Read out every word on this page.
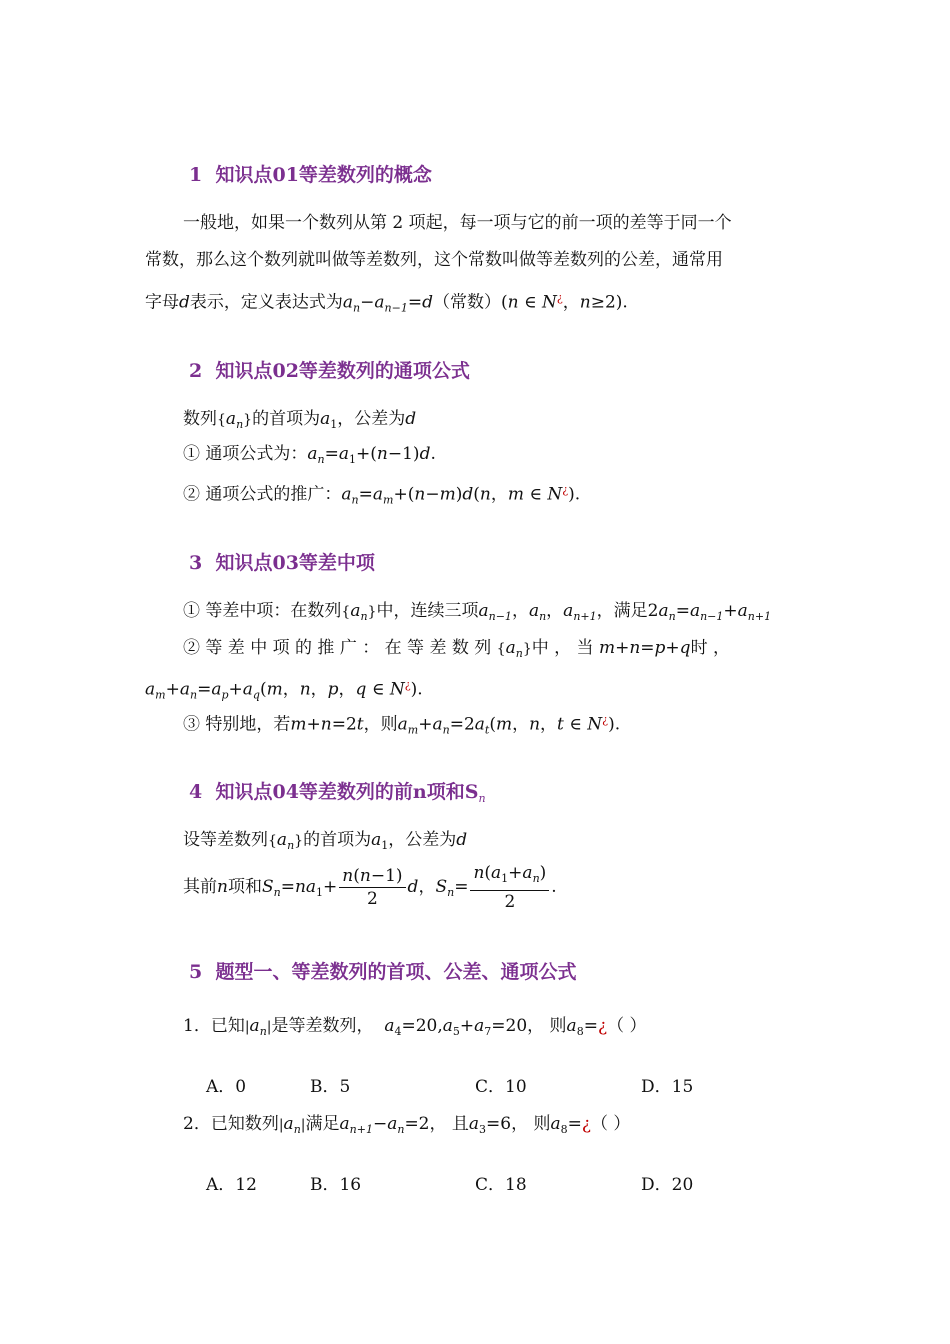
1 知识点01等差数列的概念
一般地，如果一个数列从第 2 项起，每一项与它的前一项的差等于同一个
常数，那么这个数列就叫做等差数列，这个常数叫做等差数列的公差，通常用
字母d表示，定义表达式为$a_n-a_{n-1}=d$（常数）(n ∈ N¿，n≥2).
2 知识点02等差数列的通项公式
数列$\{a_n\}$的首项为$a_1$，公差为d
① 通项公式为：$a_n=a_1+(n-1)d$.
② 通项公式的推广：$a_n=a_m+(n-m)d(n$，m ∈ N¿).
3 知识点03等差中项
① 等差中项：在数列$\{a_n\}$中，连续三项$a_{n-1}$，$a_n$，$a_{n+1}$，满足$2a_n=a_{n-1}+a_{n+1}$
② 等 差 中 项 的 推 广 ： 在 等 差 数 列 $\{a_n\}$中 ， 当 m+n=p+q时 ，
$a_m+a_n=a_p+a_q(m$，n，p，q ∈ N¿).
③ 特别地，若m+n=2t，则$a_m+a_n=2a_t(m$，n，t ∈ N¿).
4 知识点04等差数列的前n项和$S_n$
设等差数列$\{a_n\}$的首项为$a_1$，公差为d
其前n项和$S_n=na_1+ \frac{n(n-1)}{2}$ d，$S_n= \frac{n(a_1+a_n)}{2}$ .
5 题型一、等差数列的首项、公差、通项公式
1．已知$|a_n|$是等差数列， $a_4=20,a_5+a_7=20$， 则$a_8=¿$（ ）
A．0	B．5	C．10	D．15
2．已知数列$|a_n|$满足$a_{n+1}-a_n=2$， 且$a_3=6$， 则$a_8=¿$（ ）
A．12	B．16	C．18	D．20
